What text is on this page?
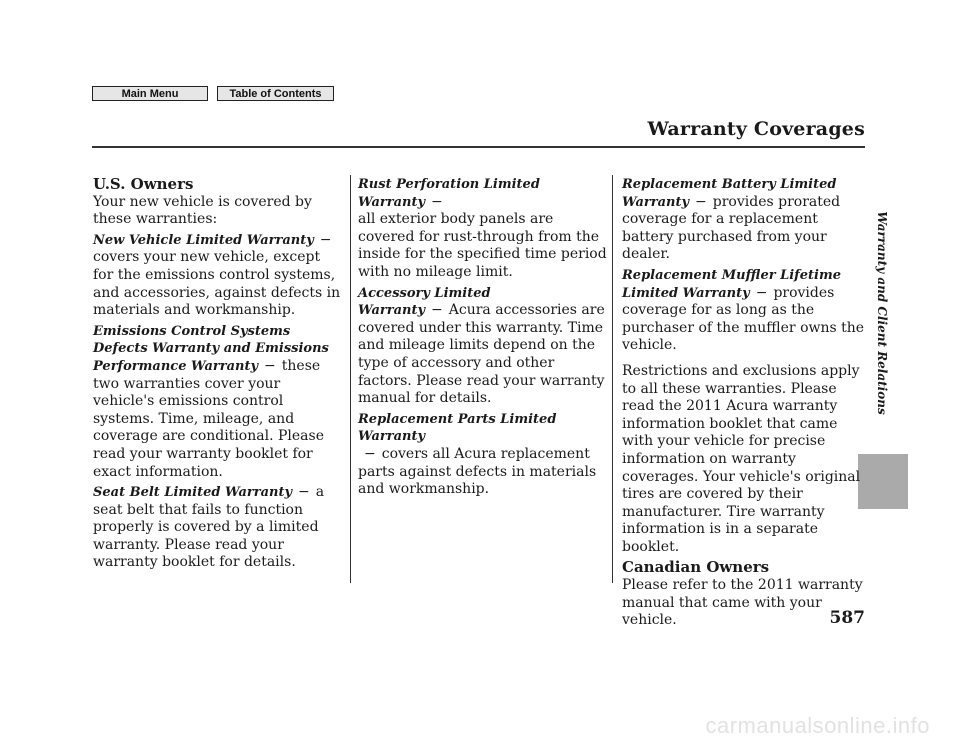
Main Menu	Table of Contents
Warranty Coverages
Warranty and Client Relations
U.S. Owners

Your new vehicle is covered by these warranties:

New Vehicle Limited Warranty −
covers your new vehicle, except for the emissions control systems, and accessories, against defects in materials and workmanship.

Emissions Control Systems Defects Warranty and Emissions Performance Warranty − these two warranties cover your vehicle's emissions control systems. Time, mileage, and coverage are conditional. Please read your warranty booklet for exact information.

Seat Belt Limited Warranty − a seat belt that fails to function properly is covered by a limited warranty. Please read your warranty booklet for details.

Rust Perforation Limited Warranty −
all exterior body panels are covered for rust-through from the inside for the specified time period with no mileage limit.

Accessory Limited Warranty − Acura accessories are covered under this warranty. Time and mileage limits depend on the type of accessory and other factors. Please read your warranty manual for details.

Replacement Parts Limited Warranty
− covers all Acura replacement parts against defects in materials and workmanship.

Replacement Battery Limited Warranty − provides prorated coverage for a replacement battery purchased from your dealer.

Replacement Muffler Lifetime Limited Warranty − provides coverage for as long as the purchaser of the muffler owns the vehicle.

Restrictions and exclusions apply to all these warranties. Please read the 2011 Acura warranty information booklet that came with your vehicle for precise information on warranty coverages. Your vehicle's original tires are covered by their manufacturer. Tire warranty information is in a separate booklet.

Canadian Owners

Please refer to the 2011 warranty manual that came with your vehicle.	587
carmanualsonline.info
